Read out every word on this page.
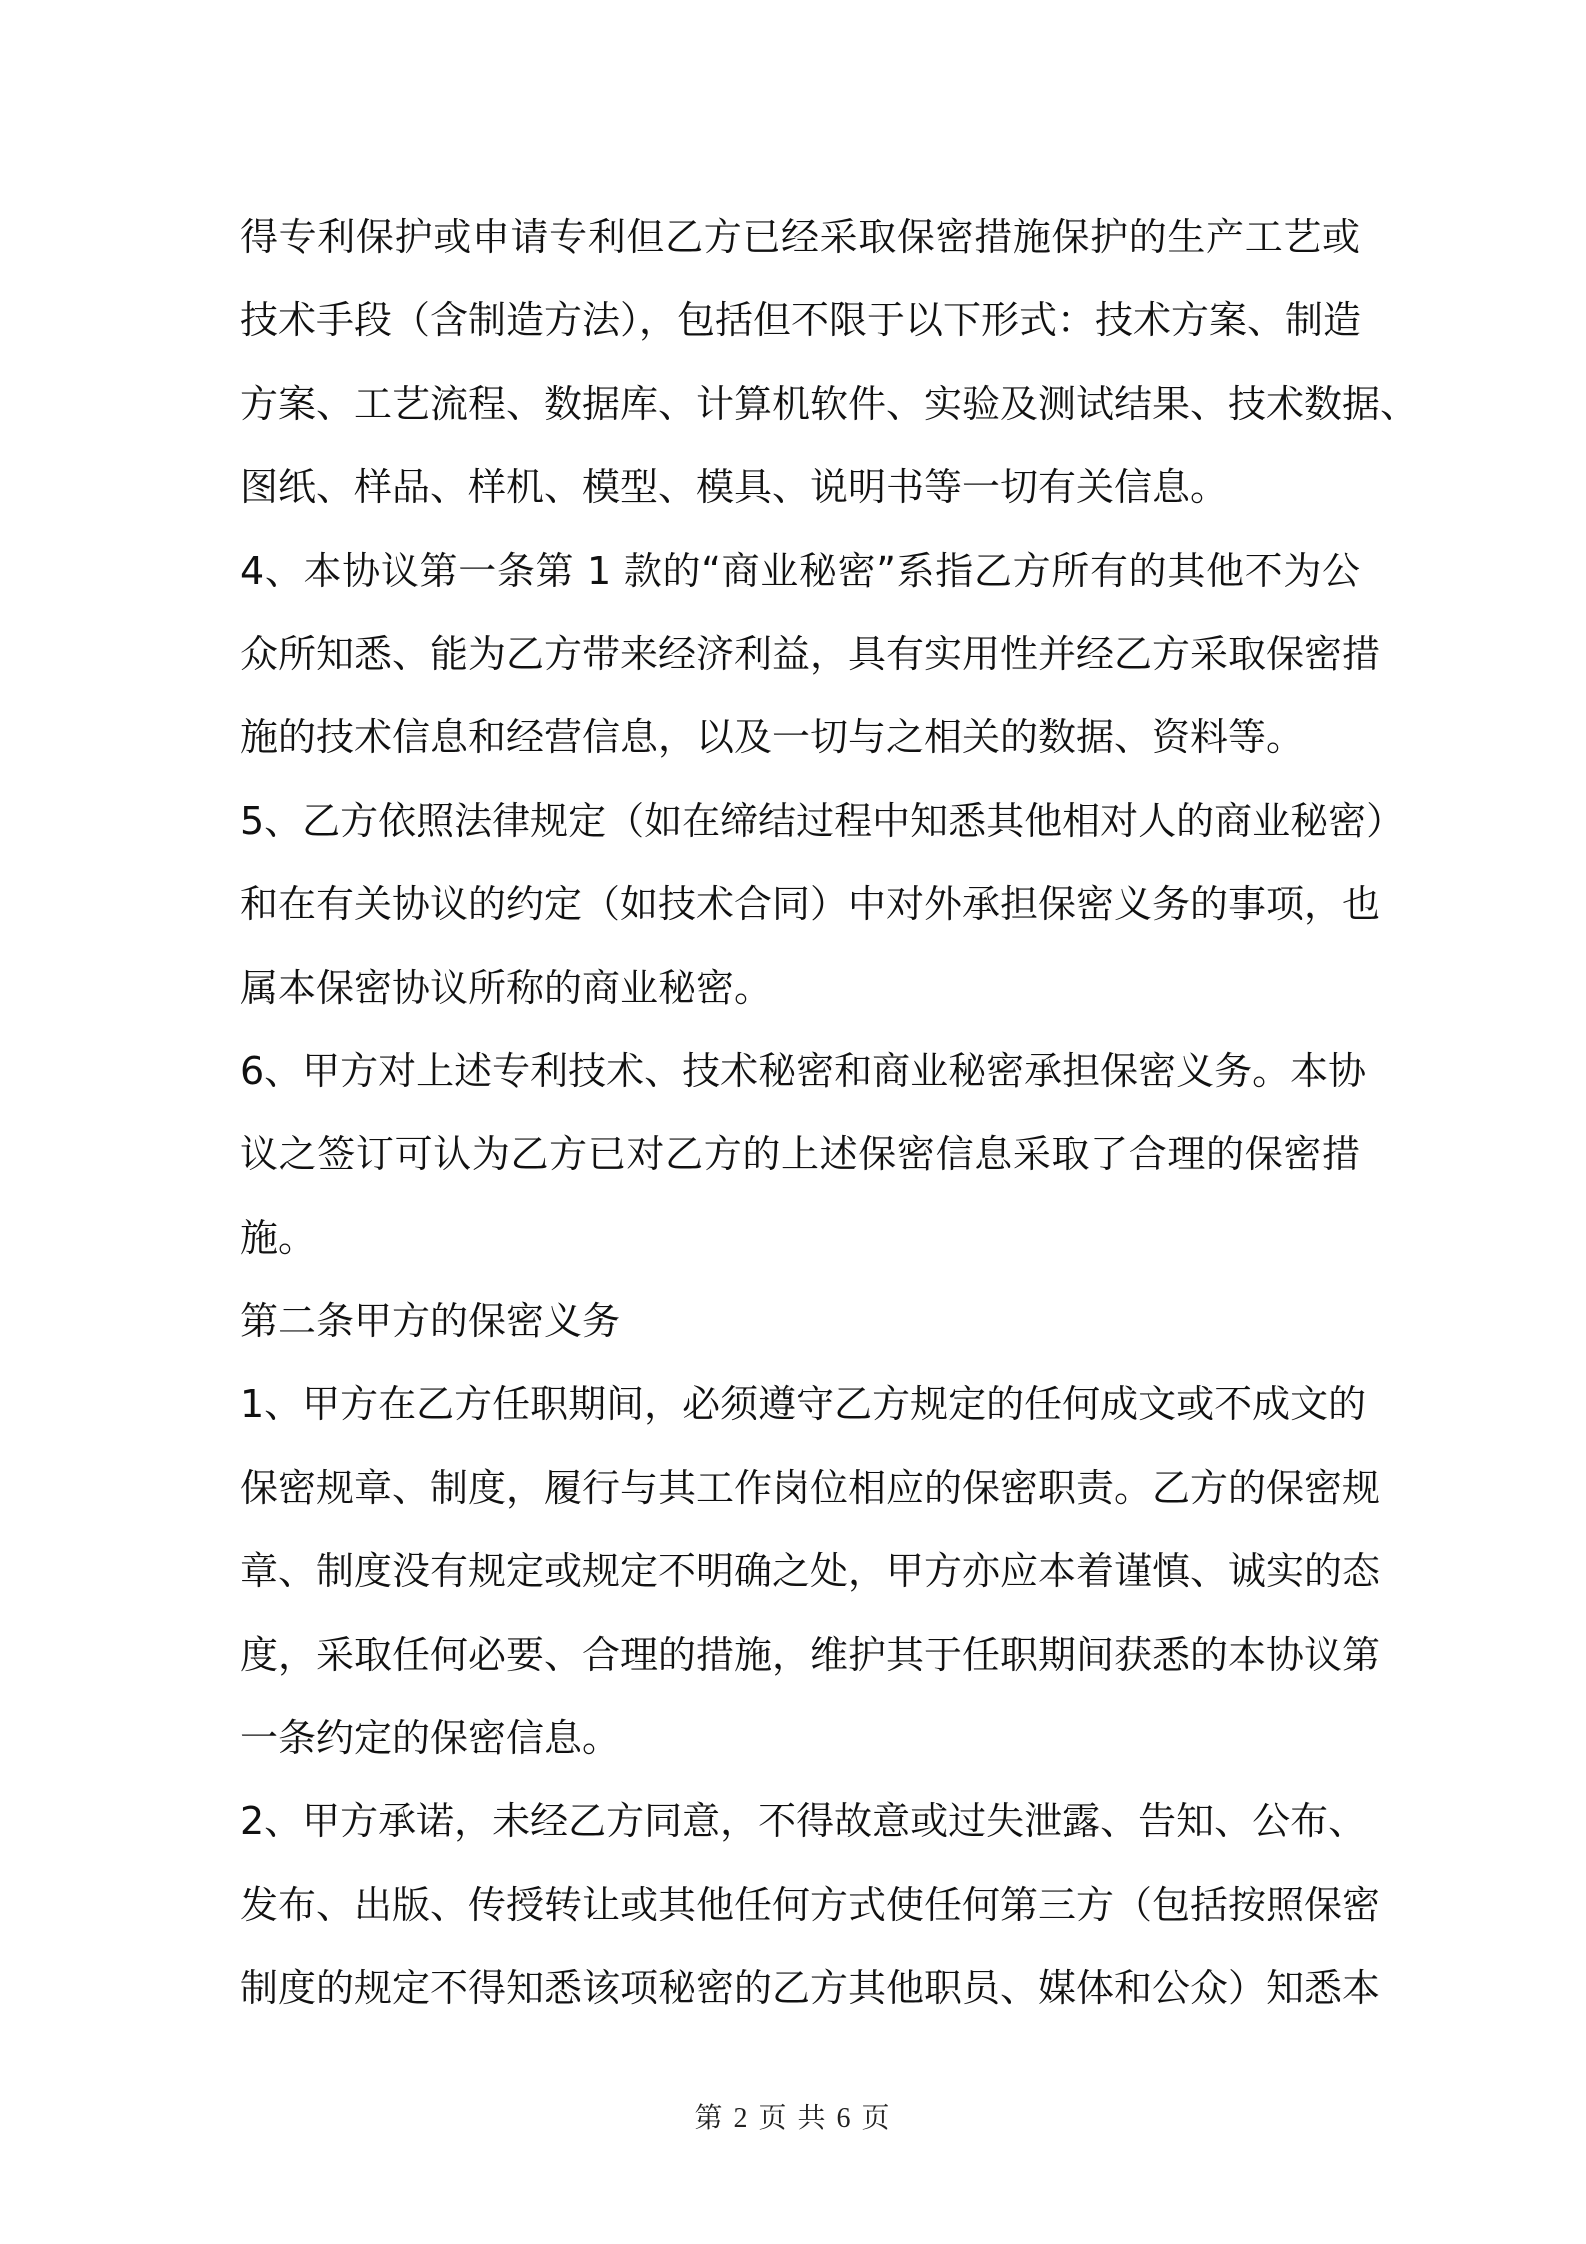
得专利保护或申请专利但乙方已经采取保密措施保护的生产工艺或
技术手段（含制造方法），包括但不限于以下形式：技术方案、制造
方案、工艺流程、数据库、计算机软件、实验及测试结果、技术数据、
图纸、样品、样机、模型、模具、说明书等一切有关信息。
4、本协议第一条第 1 款的“商业秘密”系指乙方所有的其他不为公
众所知悉、能为乙方带来经济利益，具有实用性并经乙方采取保密措
施的技术信息和经营信息，以及一切与之相关的数据、资料等。
5、乙方依照法律规定（如在缔结过程中知悉其他相对人的商业秘密）
和在有关协议的约定（如技术合同）中对外承担保密义务的事项，也
属本保密协议所称的商业秘密。
6、甲方对上述专利技术、技术秘密和商业秘密承担保密义务。本协
议之签订可认为乙方已对乙方的上述保密信息采取了合理的保密措
施。
第二条甲方的保密义务
1、甲方在乙方任职期间，必须遵守乙方规定的任何成文或不成文的
保密规章、制度，履行与其工作岗位相应的保密职责。乙方的保密规
章、制度没有规定或规定不明确之处，甲方亦应本着谨慎、诚实的态
度，采取任何必要、合理的措施，维护其于任职期间获悉的本协议第
一条约定的保密信息。
2、甲方承诺，未经乙方同意，不得故意或过失泄露、告知、公布、
发布、出版、传授转让或其他任何方式使任何第三方（包括按照保密
制度的规定不得知悉该项秘密的乙方其他职员、媒体和公众）知悉本
第 2 页 共 6 页
